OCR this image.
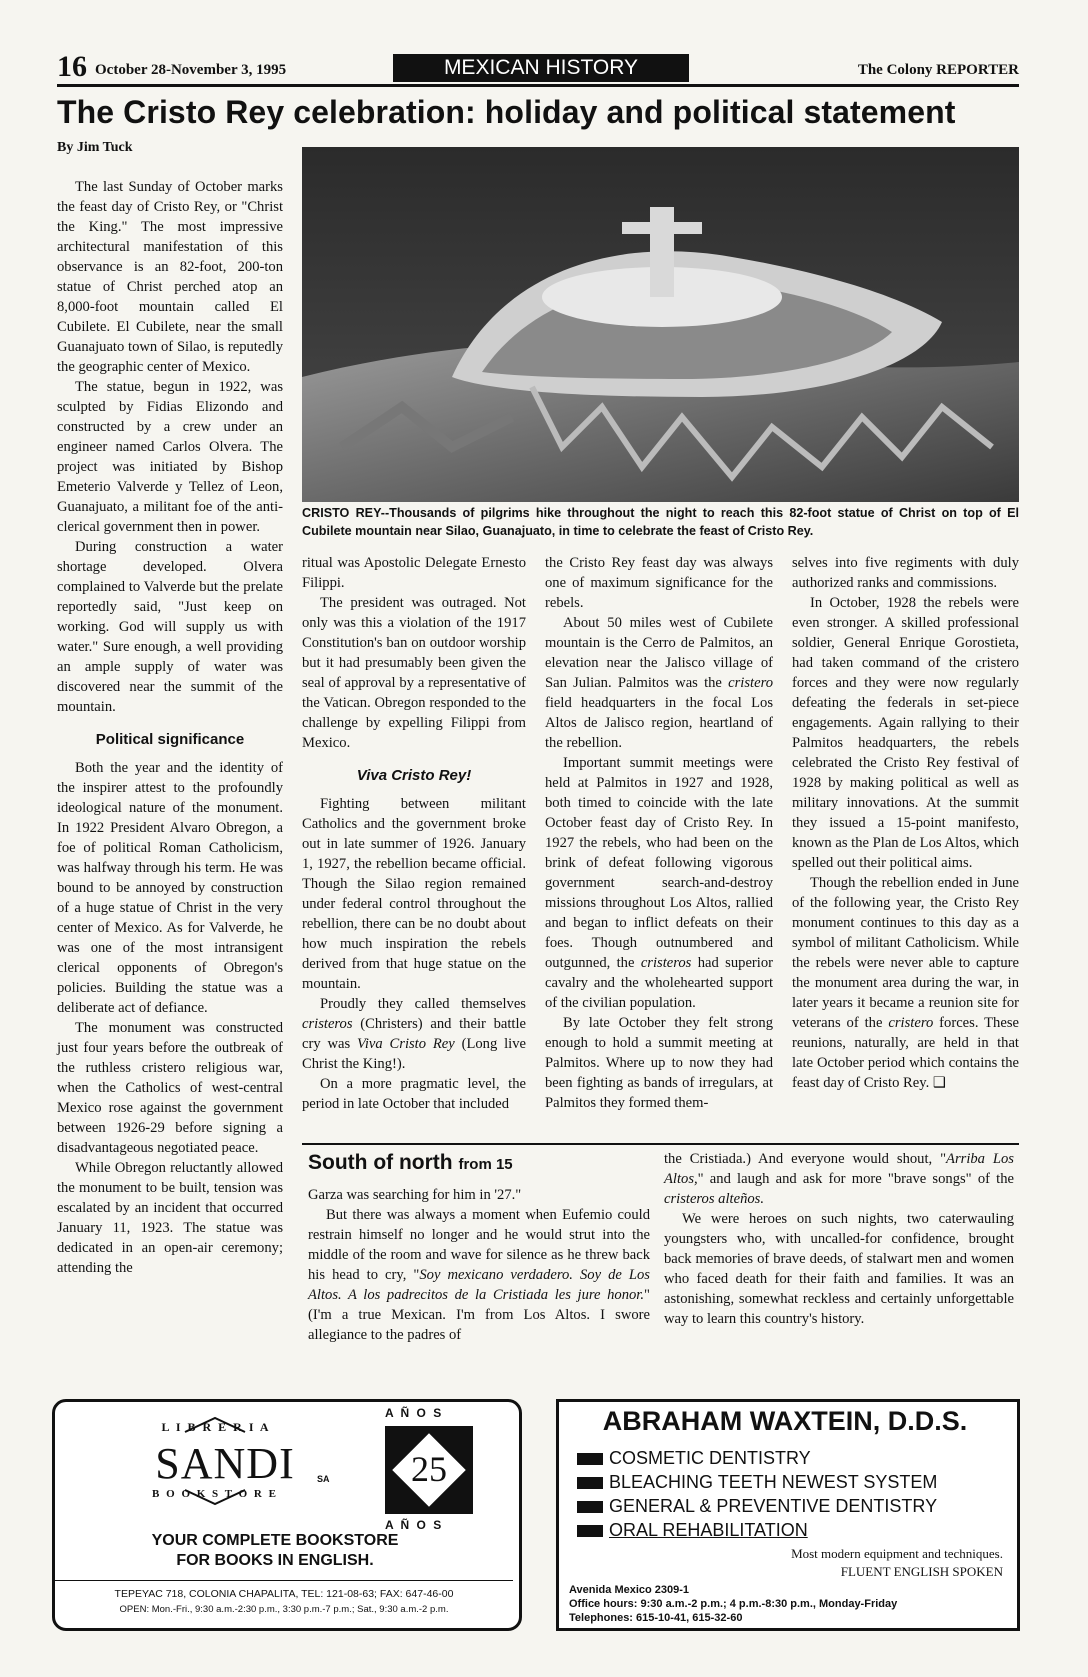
16 October 28-November 3, 1995	MEXICAN HISTORY	The Colony REPORTER
The Cristo Rey celebration: holiday and political statement
By Jim Tuck
CRISTO REY--Thousands of pilgrims hike throughout the night to reach this 82-foot statue of Christ on top of El Cubilete mountain near Silao, Guanajuato, in time to celebrate the feast of Cristo Rey.

The last Sunday of October marks the feast day of Cristo Rey, or "Christ the King." The most impressive architectural manifestation of this observance is an 82-foot, 200-ton statue of Christ perched atop an 8,000-foot mountain called El Cubilete. El Cubilete, near the small Guanajuato town of Silao, is reputedly the geographic center of Mexico.

The statue, begun in 1922, was sculpted by Fidias Elizondo and constructed by a crew under an engineer named Carlos Olvera. The project was initiated by Bishop Emeterio Valverde y Tellez of Leon, Guanajuato, a militant foe of the anti-clerical government then in power.

During construction a water shortage developed. Olvera complained to Valverde but the prelate reportedly said, "Just keep on working. God will supply us with water." Sure enough, a well providing an ample supply of water was discovered near the summit of the mountain.

Political significance

Both the year and the identity of the inspirer attest to the profoundly ideological nature of the monument. In 1922 President Alvaro Obregon, a foe of political Roman Catholicism, was halfway through his term. He was bound to be annoyed by construction of a huge statue of Christ in the very center of Mexico. As for Valverde, he was one of the most intransigent clerical opponents of Obregon's policies. Building the statue was a deliberate act of defiance.

The monument was constructed just four years before the outbreak of the ruthless cristero religious war, when the Catholics of west-central Mexico rose against the government between 1926-29 before signing a disadvantageous negotiated peace.

While Obregon reluctantly allowed the monument to be built, tension was escalated by an incident that occurred January 11, 1923. The statue was dedicated in an open-air ceremony; attending the

ritual was Apostolic Delegate Ernesto Filippi.

The president was outraged. Not only was this a violation of the 1917 Constitution's ban on outdoor worship but it had presumably been given the seal of approval by a representative of the Vatican. Obregon responded to the challenge by expelling Filippi from Mexico.

Viva Cristo Rey!

Fighting between militant Catholics and the government broke out in late summer of 1926. January 1, 1927, the rebellion became official. Though the Silao region remained under federal control throughout the rebellion, there can be no doubt about how much inspiration the rebels derived from that huge statue on the mountain.

Proudly they called themselves cristeros (Christers) and their battle cry was Viva Cristo Rey (Long live Christ the King!).

On a more pragmatic level, the period in late October that included

the Cristo Rey feast day was always one of maximum significance for the rebels.

About 50 miles west of Cubilete mountain is the Cerro de Palmitos, an elevation near the Jalisco village of San Julian. Palmitos was the cristero field headquarters in the focal Los Altos de Jalisco region, heartland of the rebellion.

Important summit meetings were held at Palmitos in 1927 and 1928, both timed to coincide with the late October feast day of Cristo Rey. In 1927 the rebels, who had been on the brink of defeat following vigorous government search-and-destroy missions throughout Los Altos, rallied and began to inflict defeats on their foes. Though outnumbered and outgunned, the cristeros had superior cavalry and the wholehearted support of the civilian population.

By late October they felt strong enough to hold a summit meeting at Palmitos. Where up to now they had been fighting as bands of irregulars, at Palmitos they formed them-

selves into five regiments with duly authorized ranks and commissions.

In October, 1928 the rebels were even stronger. A skilled professional soldier, General Enrique Gorostieta, had taken command of the cristero forces and they were now regularly defeating the federals in set-piece engagements. Again rallying to their Palmitos headquarters, the rebels celebrated the Cristo Rey festival of 1928 by making political as well as military innovations. At the summit they issued a 15-point manifesto, known as the Plan de Los Altos, which spelled out their political aims.

Though the rebellion ended in June of the following year, the Cristo Rey monument continues to this day as a symbol of militant Catholicism. While the rebels were never able to capture the monument area during the war, in later years it became a reunion site for veterans of the cristero forces. These reunions, naturally, are held in that late October period which contains the feast day of Cristo Rey. ❑

South of north from 15

Garza was searching for him in '27."

But there was always a moment when Eufemio could restrain himself no longer and he would strut into the middle of the room and wave for silence as he threw back his head to cry, "Soy mexicano verdadero. Soy de Los Altos. A los padrecitos de la Cristiada les jure honor." (I'm a true Mexican. I'm from Los Altos. I swore allegiance to the padres of

the Cristiada.) And everyone would shout, "Arriba Los Altos," and laugh and ask for more "brave songs" of the cristeros alteños.

We were heroes on such nights, two caterwauling youngsters who, with uncalled-for confidence, brought back memories of brave deeds, of stalwart men and women who faced death for their faith and families. It was an astonishing, somewhat reckless and certainly unforgettable way to learn this country's history.

L I B R E R I A
SANDI	SA
B O O K S T O R E
A Ñ O S
25
A Ñ O S
YOUR COMPLETE BOOKSTORE
FOR BOOKS IN ENGLISH.
TEPEYAC 718, COLONIA CHAPALITA, TEL: 121-08-63; FAX: 647-46-00
OPEN: Mon.-Fri., 9:30 a.m.-2:30 p.m., 3:30 p.m.-7 p.m.; Sat., 9:30 a.m.-2 p.m.
ABRAHAM WAXTEIN, D.D.S.

COSMETIC DENTISTRY

BLEACHING TEETH NEWEST SYSTEM

GENERAL & PREVENTIVE DENTISTRY

ORAL REHABILITATION

Most modern equipment and techniques.
FLUENT ENGLISH SPOKEN
Avenida Mexico 2309-1
Office hours: 9:30 a.m.-2 p.m.; 4 p.m.-8:30 p.m., Monday-Friday
Telephones: 615-10-41, 615-32-60
